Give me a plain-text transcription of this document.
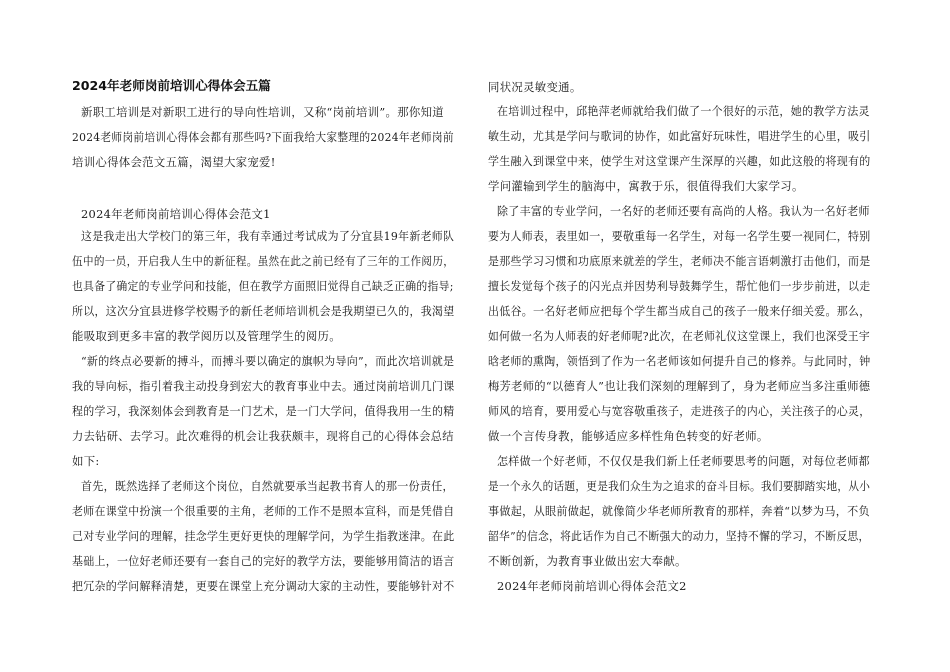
2024年老师岗前培训心得体会五篇
新职工培训是对新职工进行的导向性培训，又称“岗前培训”。那你知道
2024老师岗前培训心得体会都有那些吗?下面我给大家整理的2024年老师岗前
培训心得体会范文五篇，渴望大家宠爱!
2024年老师岗前培训心得体会范文1
这是我走出大学校门的第三年，我有幸通过考试成为了分宜县19年新老师队
伍中的一员，开启我人生中的新征程。虽然在此之前已经有了三年的工作阅历，
也具备了确定的专业学问和技能，但在教学方面照旧觉得自己缺乏正确的指导;
所以，这次分宜县进修学校赐予的新任老师培训机会是我期望已久的，我渴望
能吸取到更多丰富的教学阅历以及管理学生的阅历。
“新的终点必要新的搏斗，而搏斗要以确定的旗帜为导向”，而此次培训就是
我的导向标，指引着我主动投身到宏大的教育事业中去。通过岗前培训几门课
程的学习，我深刻体会到教育是一门艺术，是一门大学问，值得我用一生的精
力去钻研、去学习。此次难得的机会让我获颇丰，现将自己的心得体会总结
如下:
首先，既然选择了老师这个岗位，自然就要承当起教书育人的那一份责任，
老师在课堂中扮演一个很重要的主角，老师的工作不是照本宣科，而是凭借自
己对专业学问的理解，挂念学生更好更快的理解学问，为学生指教迷津。在此
基础上，一位好老师还要有一套自己的完好的教学方法，要能够用简洁的语言
把冗杂的学问解释清楚，更要在课堂上充分调动大家的主动性，要能够针对不
同状况灵敏变通。
在培训过程中，邱艳萍老师就给我们做了一个很好的示范，她的教学方法灵
敏生动，尤其是学问与歌词的协作，如此富好玩味性，唱进学生的心里，吸引
学生融入到课堂中来，使学生对这堂课产生深厚的兴趣，如此这般的将现有的
学问灌输到学生的脑海中，寓教于乐，很值得我们大家学习。
除了丰富的专业学问，一名好的老师还要有高尚的人格。我认为一名好老师
要为人师表，表里如一，要敬重每一名学生，对每一名学生要一视同仁，特别
是那些学习习惯和功底原来就差的学生，老师决不能言语刺激打击他们，而是
擅长发觉每个孩子的闪光点并因势利导鼓舞学生，帮忙他们一步步前进，以走
出低谷。一名好老师应把每个学生都当成自己的孩子一般来仔细关爱。那么，
如何做一名为人师表的好老师呢?此次，在老师礼仪这堂课上，我们也深受王宇
晗老师的熏陶，领悟到了作为一名老师该如何提升自己的修养。与此同时，钟
梅芳老师的“以德育人”也让我们深刻的理解到了，身为老师应当多注重师德
师风的培育，要用爱心与宽容敬重孩子，走进孩子的内心，关注孩子的心灵，
做一个言传身教，能够适应多样性角色转变的好老师。
怎样做一个好老师，不仅仅是我们新上任老师要思考的问题，对每位老师都
是一个永久的话题，更是我们众生为之追求的奋斗目标。我们要脚踏实地，从小
事做起，从眼前做起，就像简少华老师所教育的那样，奔着“以梦为马，不负
韶华”的信念，将此话作为自己不断强大的动力，坚持不懈的学习，不断反思，
不断创新，为教育事业做出宏大奉献。
2024年老师岗前培训心得体会范文2
